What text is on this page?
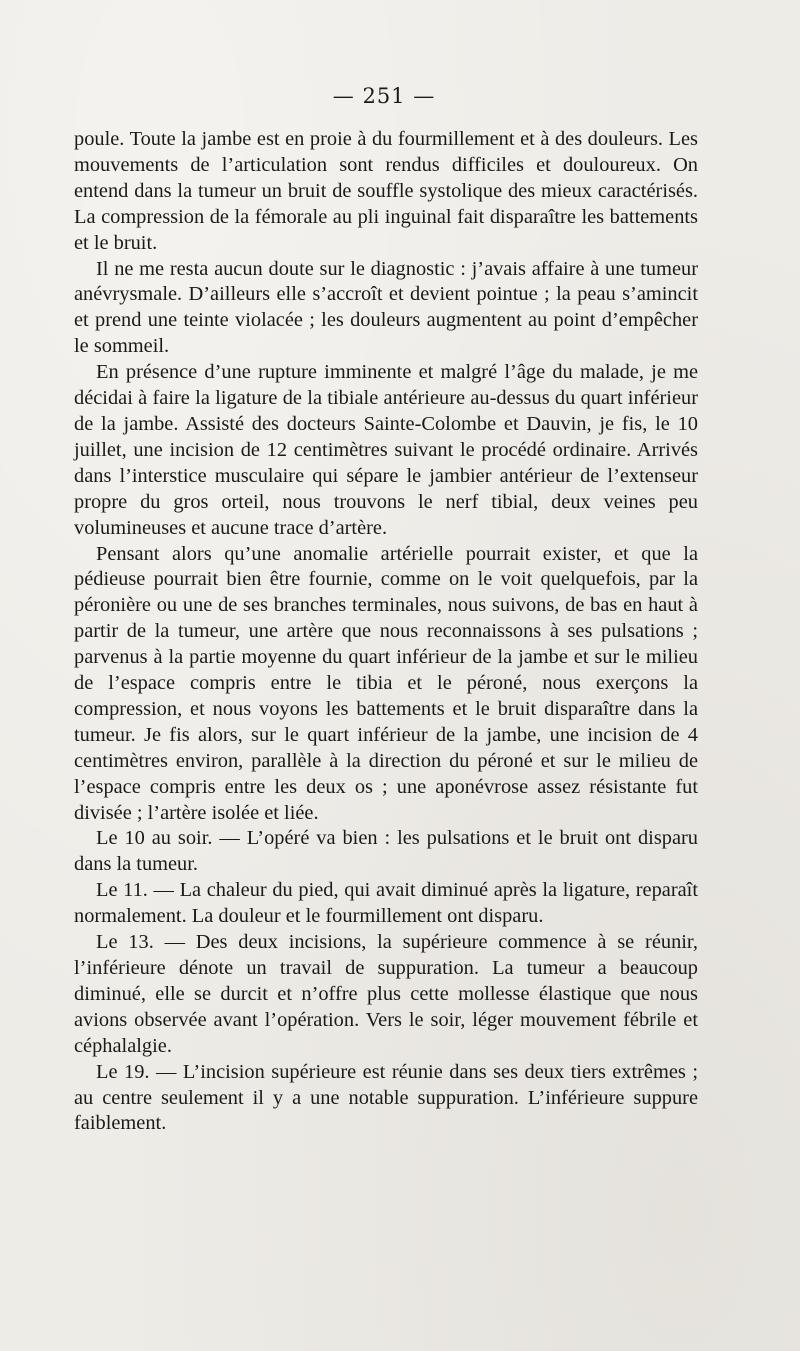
— 251 —

poule. Toute la jambe est en proie à du fourmillement et à des douleurs. Les mouvements de l’articulation sont rendus difficiles et douloureux. On entend dans la tumeur un bruit de souffle systolique des mieux caractérisés. La compression de la fémorale au pli inguinal fait disparaître les battements et le bruit.

Il ne me resta aucun doute sur le diagnostic : j’avais affaire à une tumeur anévrysmale. D’ailleurs elle s’accroît et devient pointue ; la peau s’amincit et prend une teinte violacée ; les douleurs augmentent au point d’empêcher le sommeil.

En présence d’une rupture imminente et malgré l’âge du malade, je me décidai à faire la ligature de la tibiale antérieure au-dessus du quart inférieur de la jambe. Assisté des docteurs Sainte-Colombe et Dauvin, je fis, le 10 juillet, une incision de 12 centimètres suivant le procédé ordinaire. Arrivés dans l’interstice musculaire qui sépare le jambier antérieur de l’extenseur propre du gros orteil, nous trouvons le nerf tibial, deux veines peu volumineuses et aucune trace d’artère.

Pensant alors qu’une anomalie artérielle pourrait exister, et que la pédieuse pourrait bien être fournie, comme on le voit quelquefois, par la péronière ou une de ses branches terminales, nous suivons, de bas en haut à partir de la tumeur, une artère que nous reconnaissons à ses pulsations ; parvenus à la partie moyenne du quart inférieur de la jambe et sur le milieu de l’espace compris entre le tibia et le péroné, nous exerçons la compression, et nous voyons les battements et le bruit disparaître dans la tumeur. Je fis alors, sur le quart inférieur de la jambe, une incision de 4 centimètres environ, parallèle à la direction du péroné et sur le milieu de l’espace compris entre les deux os ; une aponévrose assez résistante fut divisée ; l’artère isolée et liée.

Le 10 au soir. — L’opéré va bien : les pulsations et le bruit ont disparu dans la tumeur.

Le 11. — La chaleur du pied, qui avait diminué après la ligature, reparaît normalement. La douleur et le fourmillement ont disparu.

Le 13. — Des deux incisions, la supérieure commence à se réunir, l’inférieure dénote un travail de suppuration. La tumeur a beaucoup diminué, elle se durcit et n’offre plus cette mollesse élastique que nous avions observée avant l’opération. Vers le soir, léger mouvement fébrile et céphalalgie.

Le 19. — L’incision supérieure est réunie dans ses deux tiers extrêmes ; au centre seulement il y a une notable suppuration. L’inférieure suppure faiblement.
